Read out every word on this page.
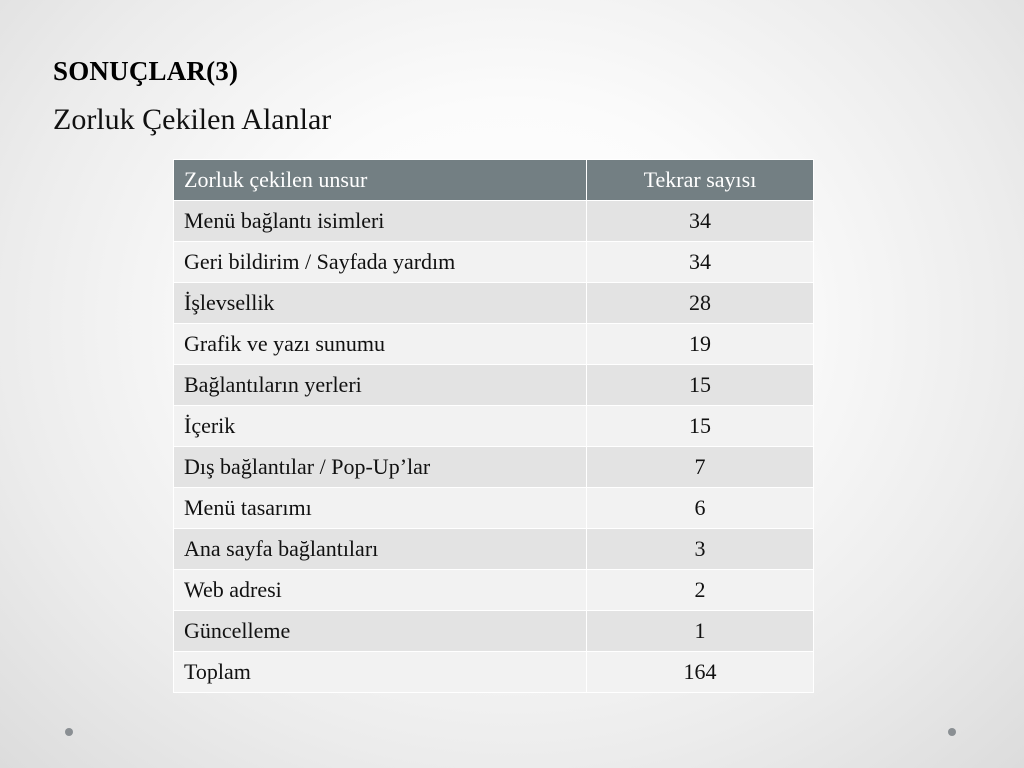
SONUÇLAR(3)
Zorluk Çekilen Alanlar
Zorluk çekilen unsur	Tekrar sayısı
Menü bağlantı isimleri	34
Geri bildirim / Sayfada yardım	34
İşlevsellik	28
Grafik ve yazı sunumu	19
Bağlantıların yerleri	15
İçerik	15
Dış bağlantılar / Pop-Up’lar	7
Menü tasarımı	6
Ana sayfa bağlantıları	3
Web adresi	2
Güncelleme	1
Toplam	164
